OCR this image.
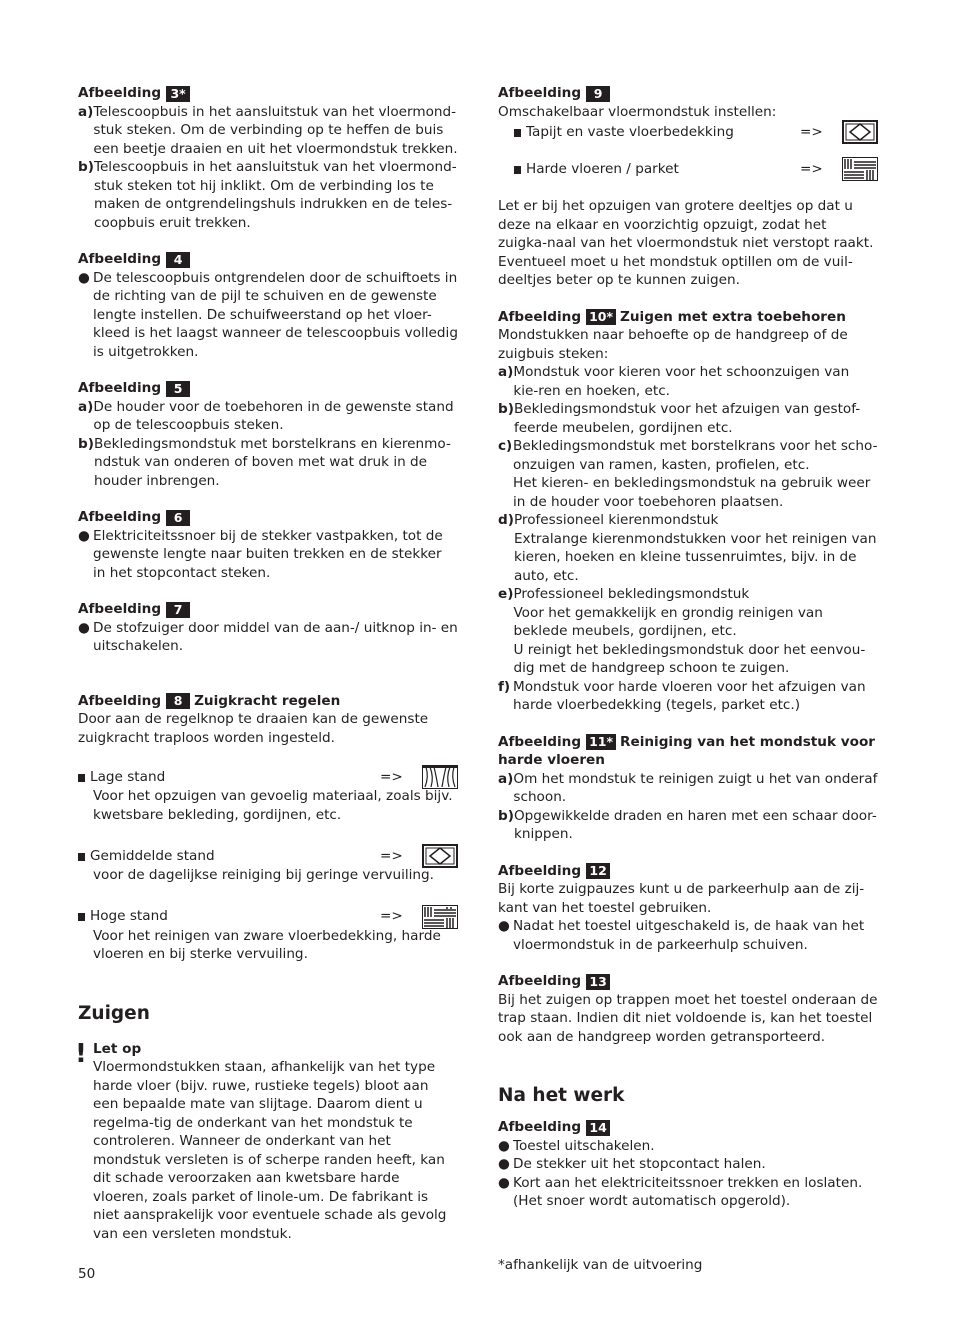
Afbeelding 3*
a) Telescoopbuis in het aansluitstuk van het vloermond-stuk steken. Om de verbinding op te heffen de buis een beetje draaien en uit het vloermondstuk trekken.
b) Telescoopbuis in het aansluitstuk van het vloermond-stuk steken tot hij inklikt. Om de verbinding los te maken de ontgrendelingshuls indrukken en de teles-coopbuis eruit trekken.
Afbeelding	4
● De telescoopbuis ontgrendelen door de schuiftoets in de richting van de pijl te schuiven en de gewenste lengte instellen. De schuifweerstand op het vloer-kleed is het laagst wanneer de telescoopbuis volledig is uitgetrokken.
Afbeelding	5
a) De houder voor de toebehoren in de gewenste stand op de telescoopbuis steken.
b) Bekledingsmondstuk met borstelkrans en kierenmo-ndstuk van onderen of boven met wat druk in de houder inbrengen.
Afbeelding	6
● Elektriciteitssnoer bij de stekker vastpakken, tot de gewenste lengte naar buiten trekken en de stekker in het stopcontact steken.
Afbeelding	7
● De stofzuiger door middel van de aan-/ uitknop in- en uitschakelen.
Afbeelding	8 Zuigkracht regelen
Door aan de regelknop te draaien kan de gewenste zuigkracht traploos worden ingesteld.
Lage stand	=>
Voor het opzuigen van gevoelig materiaal, zoals bijv. kwetsbare bekleding, gordijnen, etc.
Gemiddelde stand	=>
voor de dagelijkse reiniging bij geringe vervuiling.
Hoge stand	=>
Voor het reinigen van zware vloerbedekking, harde vloeren en bij sterke vervuiling.
Zuigen
! Let op
Vloermondstukken staan, afhankelijk van het type harde vloer (bijv. ruwe, rustieke tegels) bloot aan een bepaalde mate van slijtage. Daarom dient u regelma-tig de onderkant van het mondstuk te controleren. Wanneer de onderkant van het mondstuk versleten is of scherpe randen heeft, kan dit schade veroorzaken aan kwetsbare harde vloeren, zoals parket of linole-um. De fabrikant is niet aansprakelijk voor eventuele schade als gevolg van een versleten mondstuk.
Afbeelding	9
Omschakelbaar vloermondstuk instellen:
Tapijt en vaste vloerbedekking	=>
Harde vloeren / parket	=>
Let er bij het opzuigen van grotere deeltjes op dat u deze na elkaar en voorzichtig opzuigt, zodat het zuigka-naal van het vloermondstuk niet verstopt raakt. Eventueel moet u het mondstuk optillen om de vuil-deeltjes beter op te kunnen zuigen.
Afbeelding 10* Zuigen met extra toebehoren
Mondstukken naar behoefte op de handgreep of de zuigbuis steken:
a) Mondstuk voor kieren voor het schoonzuigen van kie-ren en hoeken, etc.
b) Bekledingsmondstuk voor het afzuigen van gestof-feerde meubelen, gordijnen etc.
c) Bekledingsmondstuk met borstelkrans voor het scho-onzuigen van ramen, kasten, profielen, etc.
Het kieren- en bekledingsmondstuk na gebruik weer in de houder voor toebehoren plaatsen.
d) Professioneel kierenmondstuk
Extralange kierenmondstukken voor het reinigen van kieren, hoeken en kleine tussenruimtes, bijv. in de auto, etc.
e) Professioneel bekledingsmondstuk
Voor het gemakkelijk en grondig reinigen van beklede meubels, gordijnen, etc.
U reinigt het bekledingsmondstuk door het eenvou-dig met de handgreep schoon te zuigen.
f) Mondstuk voor harde vloeren voor het afzuigen van harde vloerbedekking (tegels, parket etc.)
Afbeelding 11* Reiniging van het mondstuk voor
harde vloeren
a) Om het mondstuk te reinigen zuigt u het van onderaf schoon.
b) Opgewikkelde draden en haren met een schaar door-knippen.
Afbeelding 12
Bij korte zuigpauzes kunt u de parkeerhulp aan de zij-kant van het toestel gebruiken.
● Nadat het toestel uitgeschakeld is, de haak van het vloermondstuk in de parkeerhulp schuiven.
Afbeelding 13
Bij het zuigen op trappen moet het toestel onderaan de trap staan. Indien dit niet voldoende is, kan het toestel ook aan de handgreep worden getransporteerd.
Na het werk
Afbeelding 14
● Toestel uitschakelen.
● De stekker uit het stopcontact halen.
● Kort aan het elektriciteitssnoer trekken en loslaten. (Het snoer wordt automatisch opgerold).
50
*afhankelijk van de uitvoering
